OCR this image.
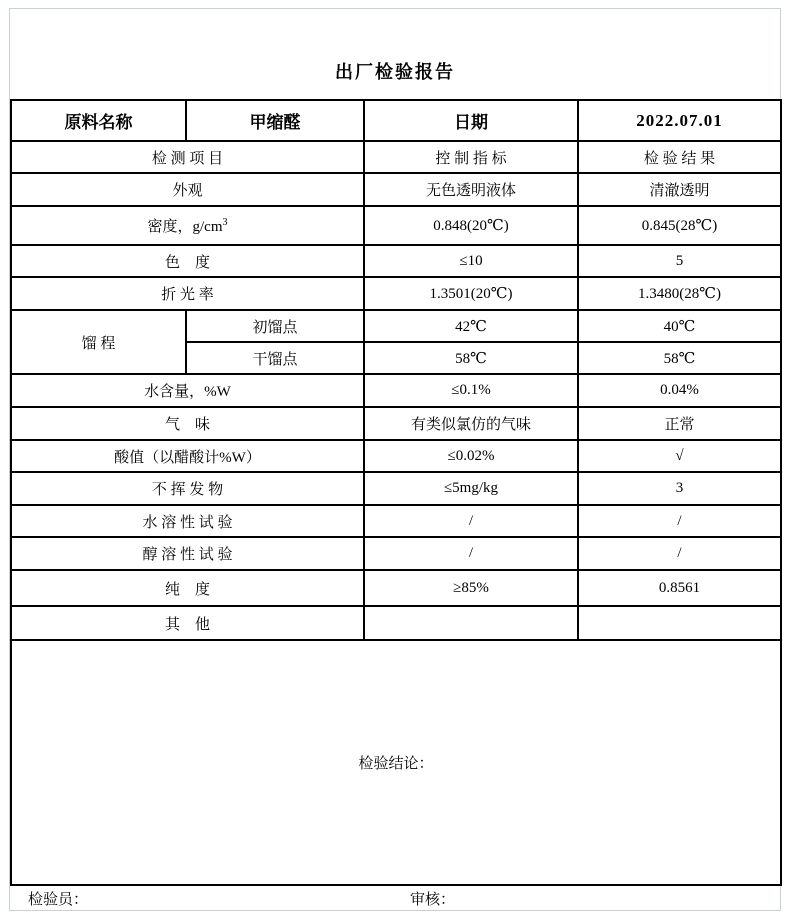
出厂检验报告
原料名称	甲缩醛	日期	2022.07.01
检 测 项 目		控 制 指 标	检 验 结 果
外观		无色透明液体	清澈透明
密度，$g/cm^3$		0.848(20℃)	0.845(28℃)
色　度		≤10	5
折 光 率		1.3501(20℃)	1.3480(28℃)
馏 程	初馏点	42℃	40℃
	干馏点	58℃	58℃
水含量，%W		≤0.1%	0.04%
气　味		有类似氯仿的气味	正常
酸值（以醋酸计%W）		≤0.02%	√
不 挥 发 物		≤5mg/kg	3
水 溶 性 试 验		/	/
醇 溶 性 试 验		/	/
纯　度		≥85%	0.8561
其　他			
检验结论：			
检验员：	审核：
